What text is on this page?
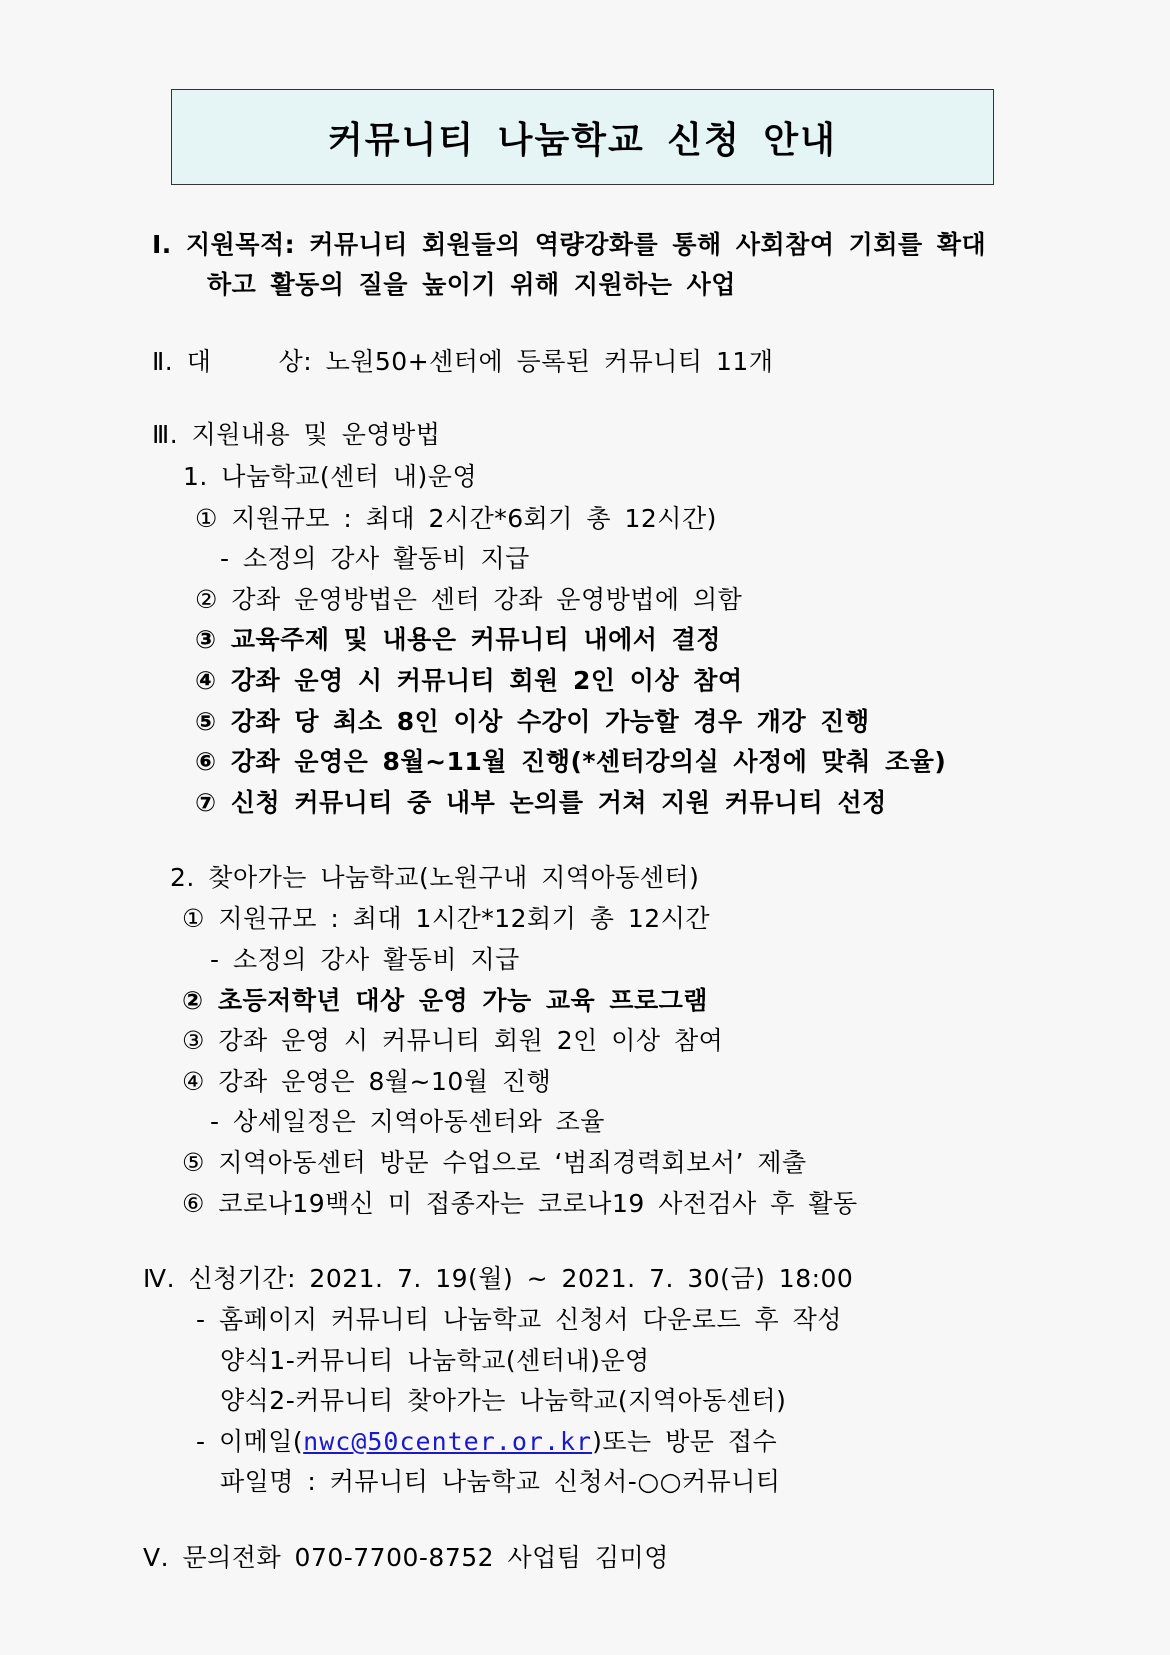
커뮤니티 나눔학교 신청 안내
Ⅰ. 지원목적: 커뮤니티 회원들의 역량강화를 통해 사회참여 기회를 확대
하고 활동의 질을 높이기 위해 지원하는 사업
Ⅱ. 대     상: 노원50+센터에 등록된 커뮤니티 11개
Ⅲ. 지원내용 및 운영방법
1. 나눔학교(센터 내)운영
① 지원규모 : 최대 2시간*6회기 총 12시간)
- 소정의 강사 활동비 지급
② 강좌 운영방법은 센터 강좌 운영방법에 의함
③ 교육주제 및 내용은 커뮤니티 내에서 결정
④ 강좌 운영 시 커뮤니티 회원 2인 이상 참여
⑤ 강좌 당 최소 8인 이상 수강이 가능할 경우 개강 진행
⑥ 강좌 운영은 8월~11월 진행(*센터강의실 사정에 맞춰 조율)
⑦ 신청 커뮤니티 중 내부 논의를 거쳐 지원 커뮤니티 선정
2. 찾아가는 나눔학교(노원구내 지역아동센터)
① 지원규모 : 최대 1시간*12회기 총 12시간
- 소정의 강사 활동비 지급
② 초등저학년 대상 운영 가능 교육 프로그램
③ 강좌 운영 시 커뮤니티 회원 2인 이상 참여
④ 강좌 운영은 8월~10월 진행
- 상세일정은 지역아동센터와 조율
⑤ 지역아동센터 방문 수업으로 ‘범죄경력회보서’ 제출
⑥ 코로나19백신 미 접종자는 코로나19 사전검사 후 활동
Ⅳ. 신청기간: 2021. 7. 19(월) ~ 2021. 7. 30(금) 18:00
- 홈페이지 커뮤니티 나눔학교 신청서 다운로드 후 작성
양식1-커뮤니티 나눔학교(센터내)운영
양식2-커뮤니티 찾아가는 나눔학교(지역아동센터)
- 이메일(nwc@50center.or.kr)또는 방문 접수
파일명 : 커뮤니티 나눔학교 신청서-○○커뮤니티
Ⅴ. 문의전화 070-7700-8752 사업팀 김미영
